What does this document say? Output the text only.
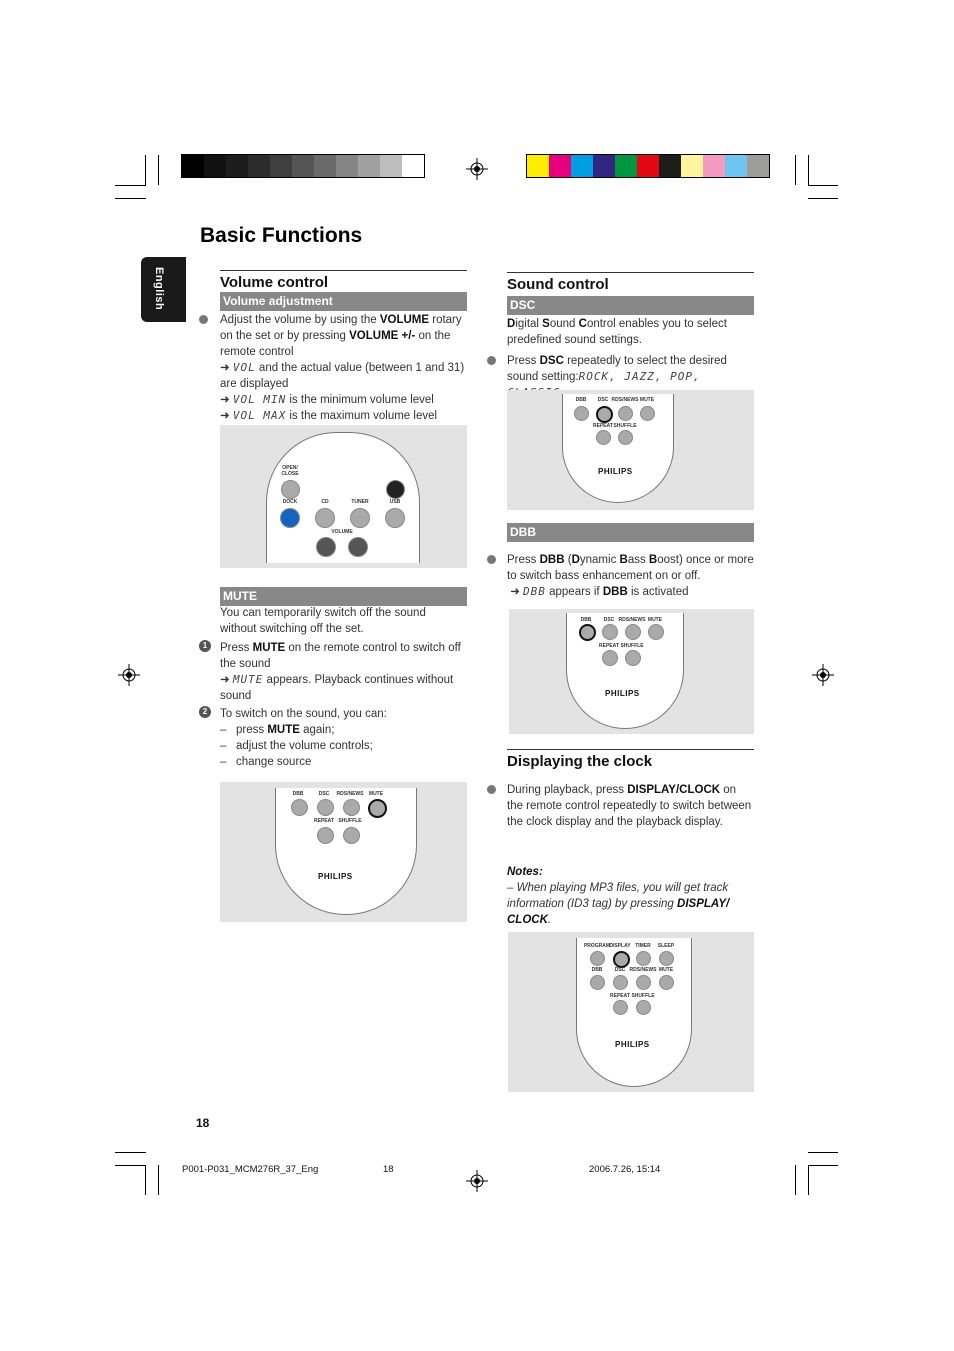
Basic Functions
English	Volume control
Volume adjustment
Adjust the volume by using the VOLUME rotary on the set or by pressing VOLUME +/- on the remote control
➜ VOL and the actual value (between 1 and 31) are displayed
➜ VOL MIN is the minimum volume level
➜ VOL MAX is the maximum volume level
OPEN/ CLOSE
DOCK	CD	TUNER	USB
VOLUME
MUTE
You can temporarily switch off the sound without switching off the set.
1	Press MUTE on the remote control to switch off the sound
➜ MUTE appears. Playback continues without sound
2	To switch on the sound, you can:
–   press MUTE again;
–   adjust the volume controls;
–   change source
DBB	DSC	RDS/NEWS	MUTE
REPEAT SHUFFLE
PHILIPS
Sound control
DSC
Digital Sound Control enables you to select predefined sound settings.
Press DSC repeatedly to select the desired sound setting:ROCK, JAZZ, POP,
DBB	DSC RDS/NEWS MUTE
REPEAT SHUFFLE
PHILIPS
DBB
Press DBB (Dynamic Bass Boost) once or more to switch bass enhancement on or off.
➜ DBB appears if DBB is activated
DBB	DSC RDS/NEWS MUTE
REPEAT SHUFFLE
PHILIPS
Displaying the clock
During playback, press DISPLAY/CLOCK on the remote control repeatedly to switch between the clock display and the playback display.
Notes:
– When playing MP3 files, you will get track information (ID3 tag) by pressing DISPLAY/ CLOCK.
PROGRAM DISPLAY TIMER	SLEEP
DBB	DSC RDS/NEWS MUTE
REPEAT SHUFFLE
PHILIPS
18
P001-P031_MCM276R_37_Eng	18	2006.7.26, 15:14
